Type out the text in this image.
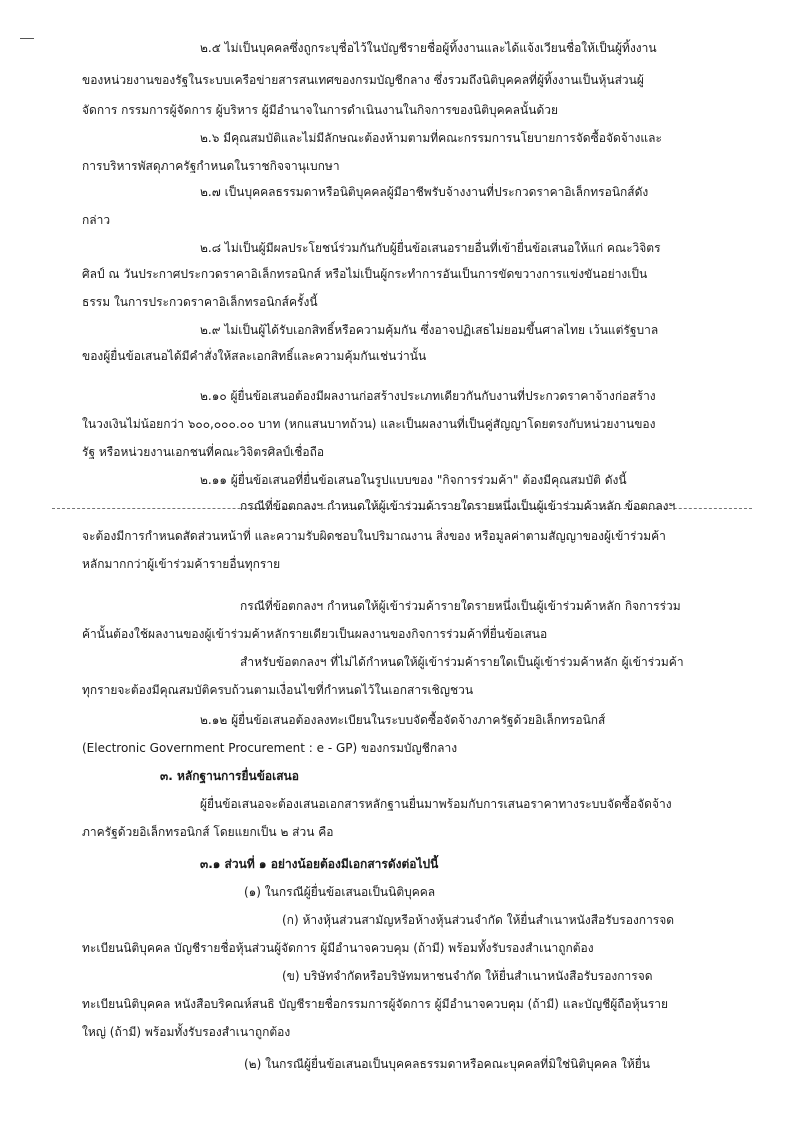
๒.๕ ไม่เป็นบุคคลซึ่งถูกระบุชื่อไว้ในบัญชีรายชื่อผู้ทิ้งงานและได้แจ้งเวียนชื่อให้เป็นผู้ทิ้งงาน
ของหน่วยงานของรัฐในระบบเครือข่ายสารสนเทศของกรมบัญชีกลาง ซึ่งรวมถึงนิติบุคคลที่ผู้ทิ้งงานเป็นหุ้นส่วนผู้
จัดการ กรรมการผู้จัดการ ผู้บริหาร ผู้มีอำนาจในการดำเนินงานในกิจการของนิติบุคคลนั้นด้วย
๒.๖ มีคุณสมบัติและไม่มีลักษณะต้องห้ามตามที่คณะกรรมการนโยบายการจัดซื้อจัดจ้างและ
การบริหารพัสดุภาครัฐกำหนดในราชกิจจานุเบกษา
๒.๗ เป็นบุคคลธรรมดาหรือนิติบุคคลผู้มีอาชีพรับจ้างงานที่ประกวดราคาอิเล็กทรอนิกส์ดัง
กล่าว
๒.๘ ไม่เป็นผู้มีผลประโยชน์ร่วมกันกับผู้ยื่นข้อเสนอรายอื่นที่เข้ายื่นข้อเสนอให้แก่ คณะวิจิตร
ศิลป์ ณ วันประกาศประกวดราคาอิเล็กทรอนิกส์ หรือไม่เป็นผู้กระทำการอันเป็นการขัดขวางการแข่งขันอย่างเป็น
ธรรม ในการประกวดราคาอิเล็กทรอนิกส์ครั้งนี้
๒.๙ ไม่เป็นผู้ได้รับเอกสิทธิ์หรือความคุ้มกัน ซึ่งอาจปฏิเสธไม่ยอมขึ้นศาลไทย เว้นแต่รัฐบาล
ของผู้ยื่นข้อเสนอได้มีคำสั่งให้สละเอกสิทธิ์และความคุ้มกันเช่นว่านั้น
๒.๑๐ ผู้ยื่นข้อเสนอต้องมีผลงานก่อสร้างประเภทเดียวกันกับงานที่ประกวดราคาจ้างก่อสร้าง
ในวงเงินไม่น้อยกว่า ๖๐๐,๐๐๐.๐๐ บาท (หกแสนบาทถ้วน) และเป็นผลงานที่เป็นคู่สัญญาโดยตรงกับหน่วยงานของ
รัฐ หรือหน่วยงานเอกชนที่คณะวิจิตรศิลป์เชื่อถือ
๒.๑๑ ผู้ยื่นข้อเสนอที่ยื่นข้อเสนอในรูปแบบของ "กิจการร่วมค้า" ต้องมีคุณสมบัติ ดังนี้
กรณีที่ข้อตกลงฯ กำหนดให้ผู้เข้าร่วมค้ารายใดรายหนึ่งเป็นผู้เข้าร่วมค้าหลัก ข้อตกลงฯ
จะต้องมีการกำหนดสัดส่วนหน้าที่ และความรับผิดชอบในปริมาณงาน สิ่งของ หรือมูลค่าตามสัญญาของผู้เข้าร่วมค้า
หลักมากกว่าผู้เข้าร่วมค้ารายอื่นทุกราย
กรณีที่ข้อตกลงฯ กำหนดให้ผู้เข้าร่วมค้ารายใดรายหนึ่งเป็นผู้เข้าร่วมค้าหลัก กิจการร่วม
ค้านั้นต้องใช้ผลงานของผู้เข้าร่วมค้าหลักรายเดียวเป็นผลงานของกิจการร่วมค้าที่ยื่นข้อเสนอ
สำหรับข้อตกลงฯ ที่ไม่ได้กำหนดให้ผู้เข้าร่วมค้ารายใดเป็นผู้เข้าร่วมค้าหลัก ผู้เข้าร่วมค้า
ทุกรายจะต้องมีคุณสมบัติครบถ้วนตามเงื่อนไขที่กำหนดไว้ในเอกสารเชิญชวน
๒.๑๒ ผู้ยื่นข้อเสนอต้องลงทะเบียนในระบบจัดซื้อจัดจ้างภาครัฐด้วยอิเล็กทรอนิกส์
(Electronic Government Procurement : e - GP) ของกรมบัญชีกลาง
๓. หลักฐานการยื่นข้อเสนอ
ผู้ยื่นข้อเสนอจะต้องเสนอเอกสารหลักฐานยื่นมาพร้อมกับการเสนอราคาทางระบบจัดซื้อจัดจ้าง
ภาครัฐด้วยอิเล็กทรอนิกส์ โดยแยกเป็น ๒ ส่วน คือ
๓.๑ ส่วนที่ ๑ อย่างน้อยต้องมีเอกสารดังต่อไปนี้
(๑) ในกรณีผู้ยื่นข้อเสนอเป็นนิติบุคคล
(ก) ห้างหุ้นส่วนสามัญหรือห้างหุ้นส่วนจำกัด ให้ยื่นสำเนาหนังสือรับรองการจด
ทะเบียนนิติบุคคล บัญชีรายชื่อหุ้นส่วนผู้จัดการ ผู้มีอำนาจควบคุม (ถ้ามี) พร้อมทั้งรับรองสำเนาถูกต้อง
(ข) บริษัทจำกัดหรือบริษัทมหาชนจำกัด ให้ยื่นสำเนาหนังสือรับรองการจด
ทะเบียนนิติบุคคล หนังสือบริคณห์สนธิ บัญชีรายชื่อกรรมการผู้จัดการ ผู้มีอำนาจควบคุม (ถ้ามี) และบัญชีผู้ถือหุ้นราย
ใหญ่ (ถ้ามี) พร้อมทั้งรับรองสำเนาถูกต้อง
(๒) ในกรณีผู้ยื่นข้อเสนอเป็นบุคคลธรรมดาหรือคณะบุคคลที่มิใช่นิติบุคคล ให้ยื่น
